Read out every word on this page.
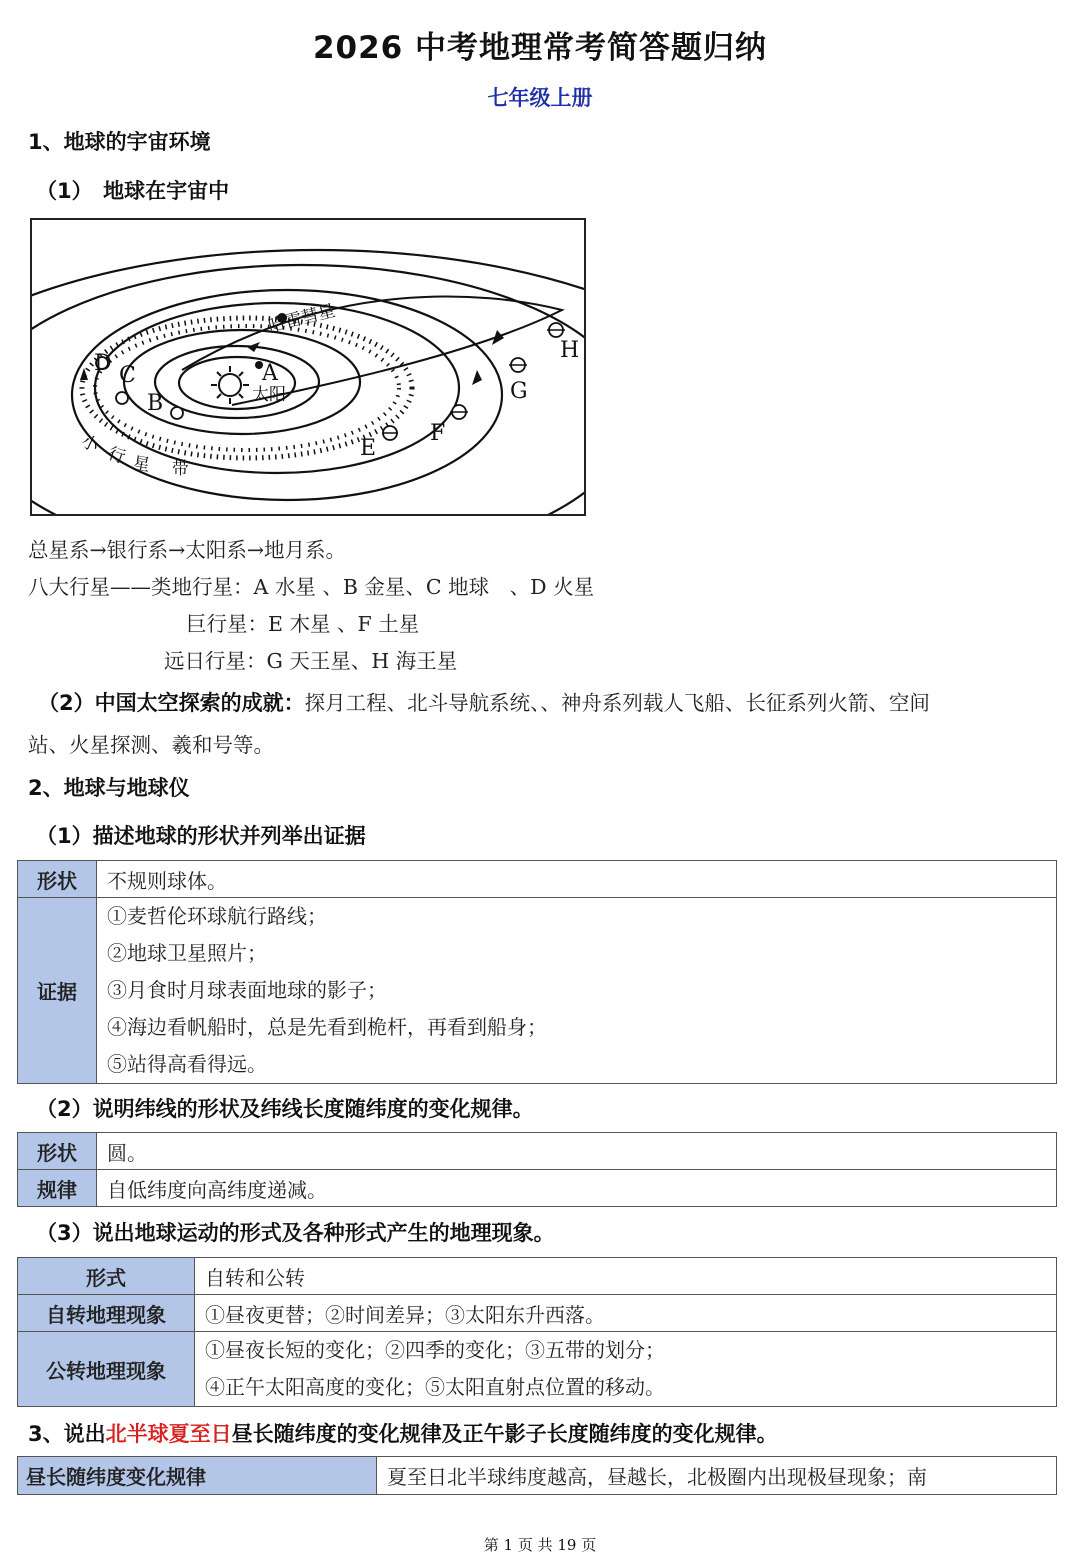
2026 中考地理常考简答题归纳
七年级上册
1、地球的宇宙环境
（1）　地球在宇宙中
A
B
C
D
E
F
G
H
太阳
哈雷彗星
小 行 星 带
总星系→银行系→太阳系→地月系。
八大行星——类地行星：A 水星 、B 金星、C 地球　、D 火星
巨行星：E 木星 、F 土星
远日行星：G 天王星、H 海王星
（2）中国太空探索的成就：探月工程、北斗导航系统、、神舟系列载人飞船、长征系列火箭、空间
站、火星探测、羲和号等。
2、地球与地球仪
（1）描述地球的形状并列举出证据
形状	不规则球体。
证据	①麦哲伦环球航行路线；
②地球卫星照片；
③月食时月球表面地球的影子；
④海边看帆船时，总是先看到桅杆，再看到船身；
⑤站得高看得远。
（2）说明纬线的形状及纬线长度随纬度的变化规律。
形状	圆。
规律	自低纬度向高纬度递减。
（3）说出地球运动的形式及各种形式产生的地理现象。
形式	自转和公转
自转地理现象	①昼夜更替；②时间差异；③太阳东升西落。
公转地理现象	①昼夜长短的变化；②四季的变化；③五带的划分；
④正午太阳高度的变化；⑤太阳直射点位置的移动。
3、说出北半球夏至日昼长随纬度的变化规律及正午影子长度随纬度的变化规律。
昼长随纬度变化规律	夏至日北半球纬度越高，昼越长，北极圈内出现极昼现象；南
第 1 页 共 19 页
